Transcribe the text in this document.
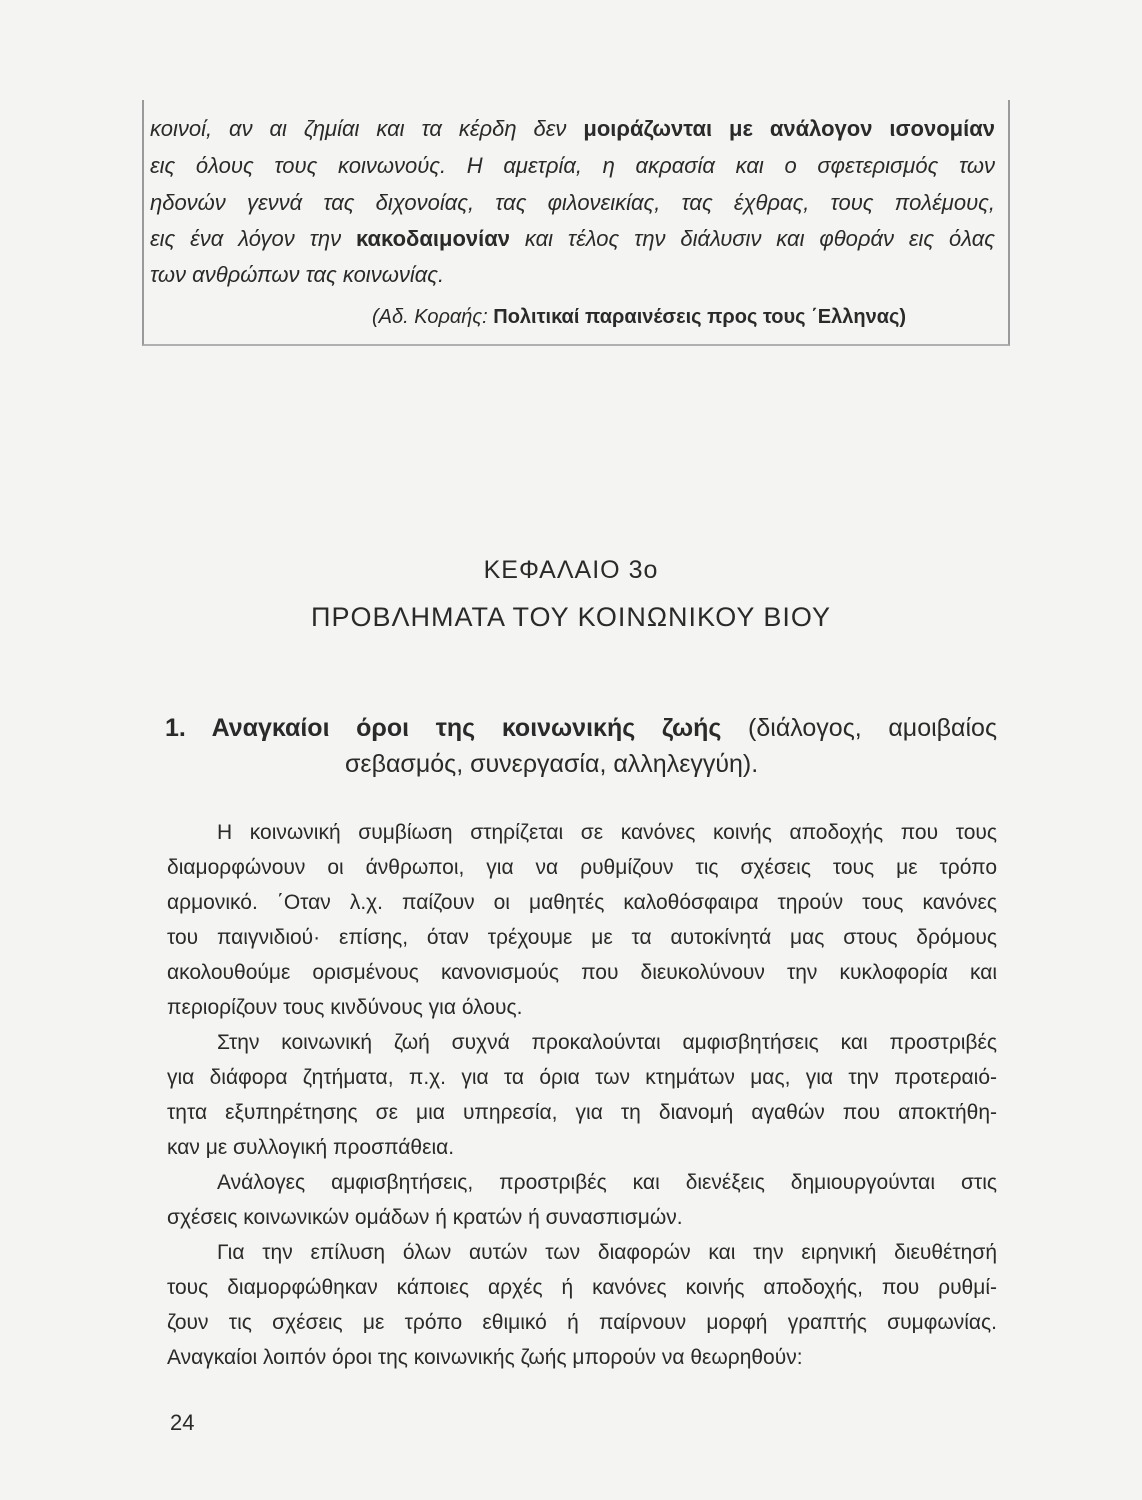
κοινοί, αν αι ζημίαι και τα κέρδη δεν μοιράζωνται με ανάλογον ισονομίαν
εις όλους τους κοινωνούς. Η αμετρία, η ακρασία και ο σφετερισμός των
ηδονών γεννά τας διχονοίας, τας φιλονεικίας, τας έχθρας, τους πολέμους,
εις ένα λόγον την κακοδαιμονίαν και τέλος την διάλυσιν και φθοράν εις όλας
των ανθρώπων τας κοινωνίας.
(Αδ. Κοραής: Πολιτικαί παραινέσεις προς τους ΄Ελληνας)
ΚΕΦΑΛΑΙΟ 3ο
ΠΡΟΒΛΗΜΑΤΑ ΤΟΥ ΚΟΙΝΩΝΙΚΟΥ ΒΙΟΥ
1. Αναγκαίοι όροι της κοινωνικής ζωής (διάλογος, αμοιβαίος
σεβασμός, συνεργασία, αλληλεγγύη).
Η κοινωνική συμβίωση στηρίζεται σε κανόνες κοινής αποδοχής που τους
διαμορφώνουν οι άνθρωποι, για να ρυθμίζουν τις σχέσεις τους με τρόπο
αρμονικό. ΄Οταν λ.χ. παίζουν οι μαθητές καλοθόσφαιρα τηρούν τους κανόνες
του παιγνιδιού· επίσης, όταν τρέχουμε με τα αυτοκίνητά μας στους δρόμους
ακολουθούμε ορισμένους κανονισμούς που διευκολύνουν την κυκλοφορία και
περιορίζουν τους κινδύνους για όλους.
Στην κοινωνική ζωή συχνά προκαλούνται αμφισβητήσεις και προστριβές
για διάφορα ζητήματα, π.χ. για τα όρια των κτημάτων μας, για την προτεραιό-
τητα εξυπηρέτησης σε μια υπηρεσία, για τη διανομή αγαθών που αποκτήθη-
καν με συλλογική προσπάθεια.
Ανάλογες αμφισβητήσεις, προστριβές και διενέξεις δημιουργούνται στις
σχέσεις κοινωνικών ομάδων ή κρατών ή συνασπισμών.
Για την επίλυση όλων αυτών των διαφορών και την ειρηνική διευθέτησή
τους διαμορφώθηκαν κάποιες αρχές ή κανόνες κοινής αποδοχής, που ρυθμί-
ζουν τις σχέσεις με τρόπο εθιμικό ή παίρνουν μορφή γραπτής συμφωνίας.
Αναγκαίοι λοιπόν όροι της κοινωνικής ζωής μπορούν να θεωρηθούν:
24
